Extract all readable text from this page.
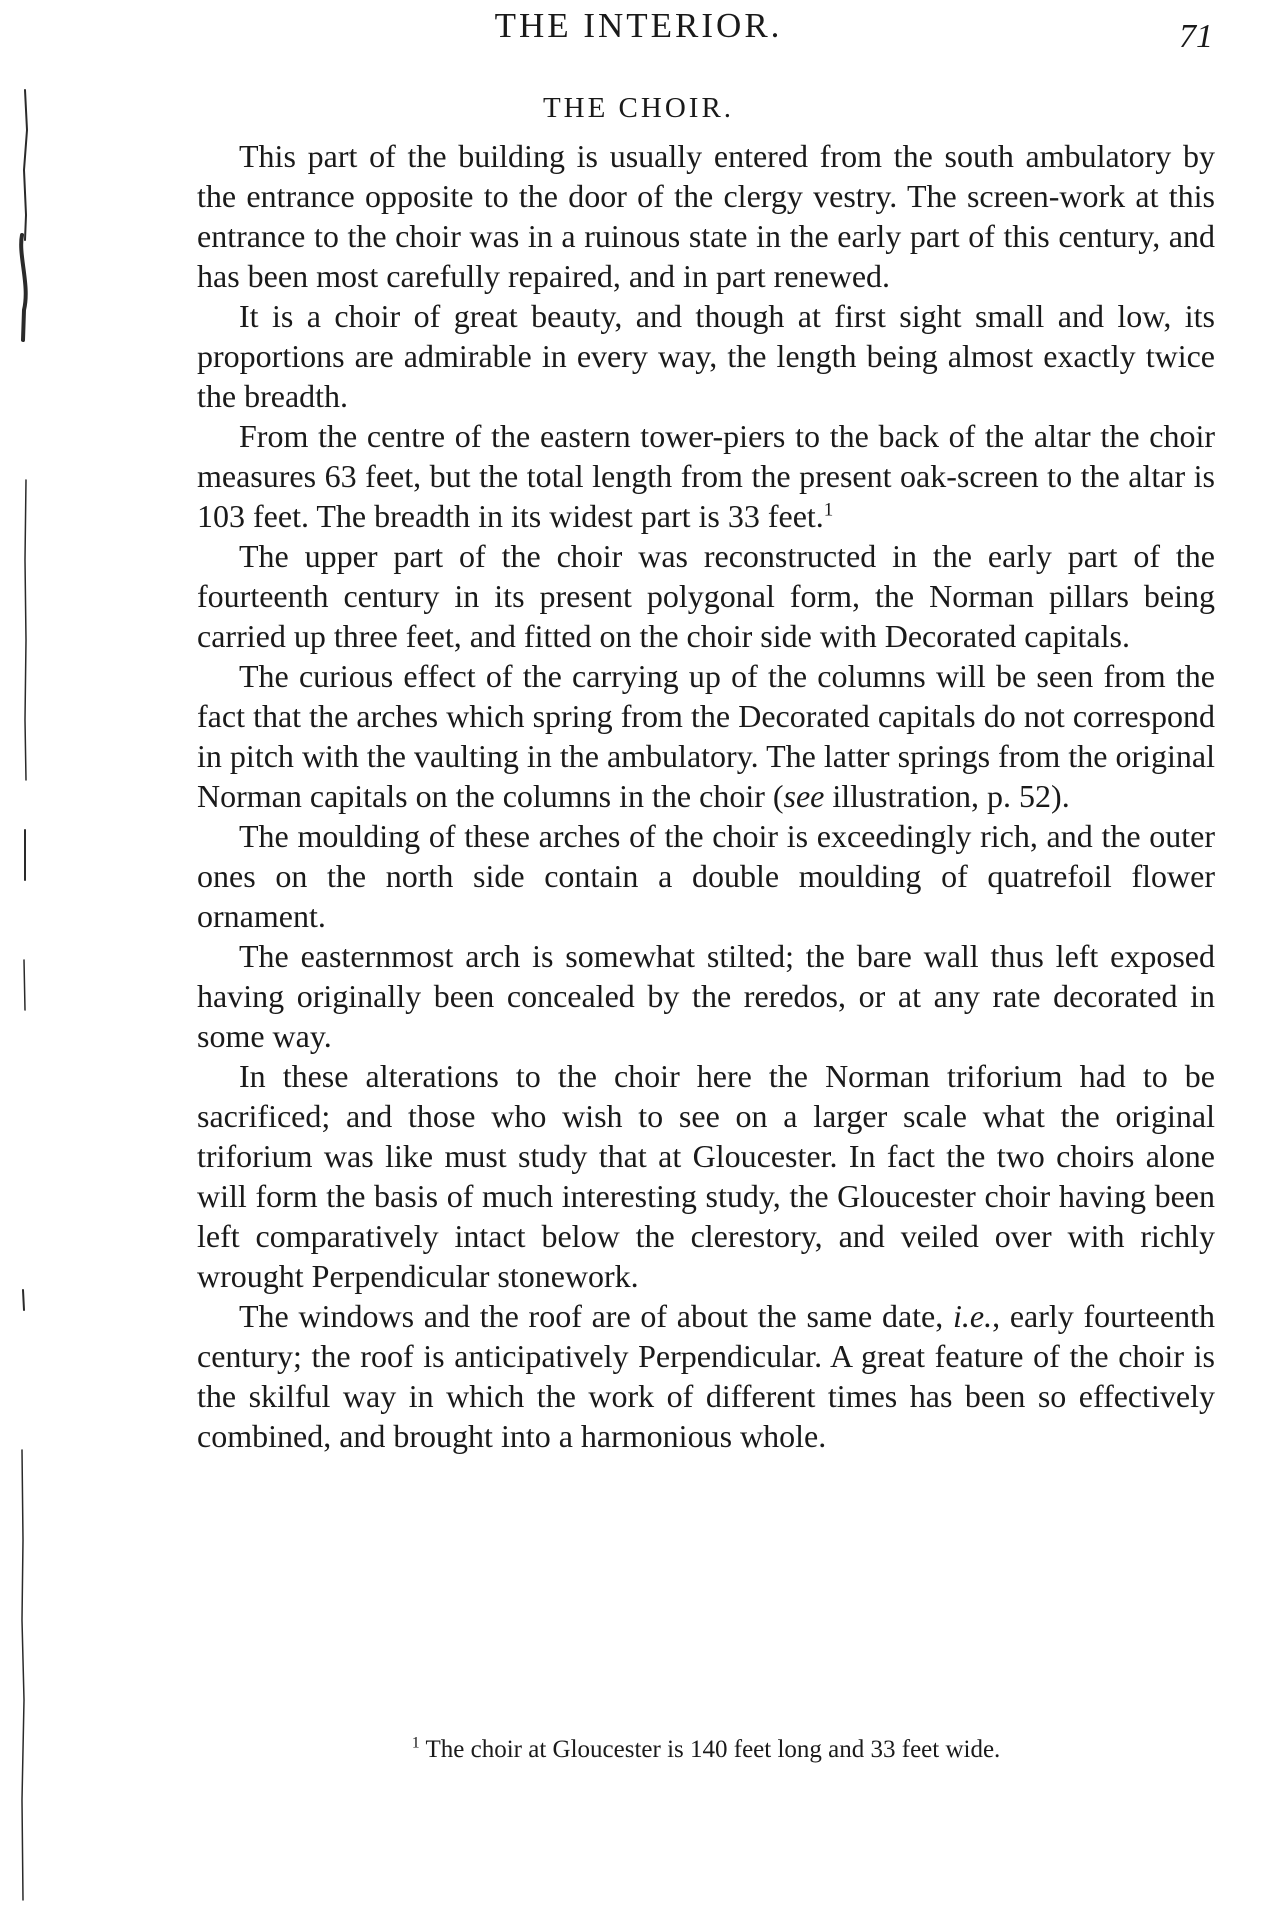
THE INTERIOR.	71
THE CHOIR.

This part of the building is usually entered from the south ambulatory by the entrance opposite to the door of the clergy vestry. The screen-work at this entrance to the choir was in a ruinous state in the early part of this century, and has been most carefully repaired, and in part renewed.

It is a choir of great beauty, and though at first sight small and low, its proportions are admirable in every way, the length being almost exactly twice the breadth.

From the centre of the eastern tower-piers to the back of the altar the choir measures 63 feet, but the total length from the present oak-screen to the altar is 103 feet. The breadth in its widest part is 33 feet.$^1$

The upper part of the choir was reconstructed in the early part of the fourteenth century in its present polygonal form, the Norman pillars being carried up three feet, and fitted on the choir side with Decorated capitals.

The curious effect of the carrying up of the columns will be seen from the fact that the arches which spring from the Decorated capitals do not correspond in pitch with the vaulting in the ambulatory. The latter springs from the original Norman capitals on the columns in the choir (see illustration, p. 52).

The moulding of these arches of the choir is exceedingly rich, and the outer ones on the north side contain a double moulding of quatrefoil flower ornament.

The easternmost arch is somewhat stilted; the bare wall thus left exposed having originally been concealed by the reredos, or at any rate decorated in some way.

In these alterations to the choir here the Norman triforium had to be sacrificed; and those who wish to see on a larger scale what the original triforium was like must study that at Gloucester. In fact the two choirs alone will form the basis of much interesting study, the Gloucester choir having been left comparatively intact below the clerestory, and veiled over with richly wrought Perpendicular stonework.

The windows and the roof are of about the same date, i.e., early fourteenth century; the roof is anticipatively Perpendicular. A great feature of the choir is the skilful way in which the work of different times has been so effectively combined, and brought into a harmonious whole.

$^1$ The choir at Gloucester is 140 feet long and 33 feet wide.
